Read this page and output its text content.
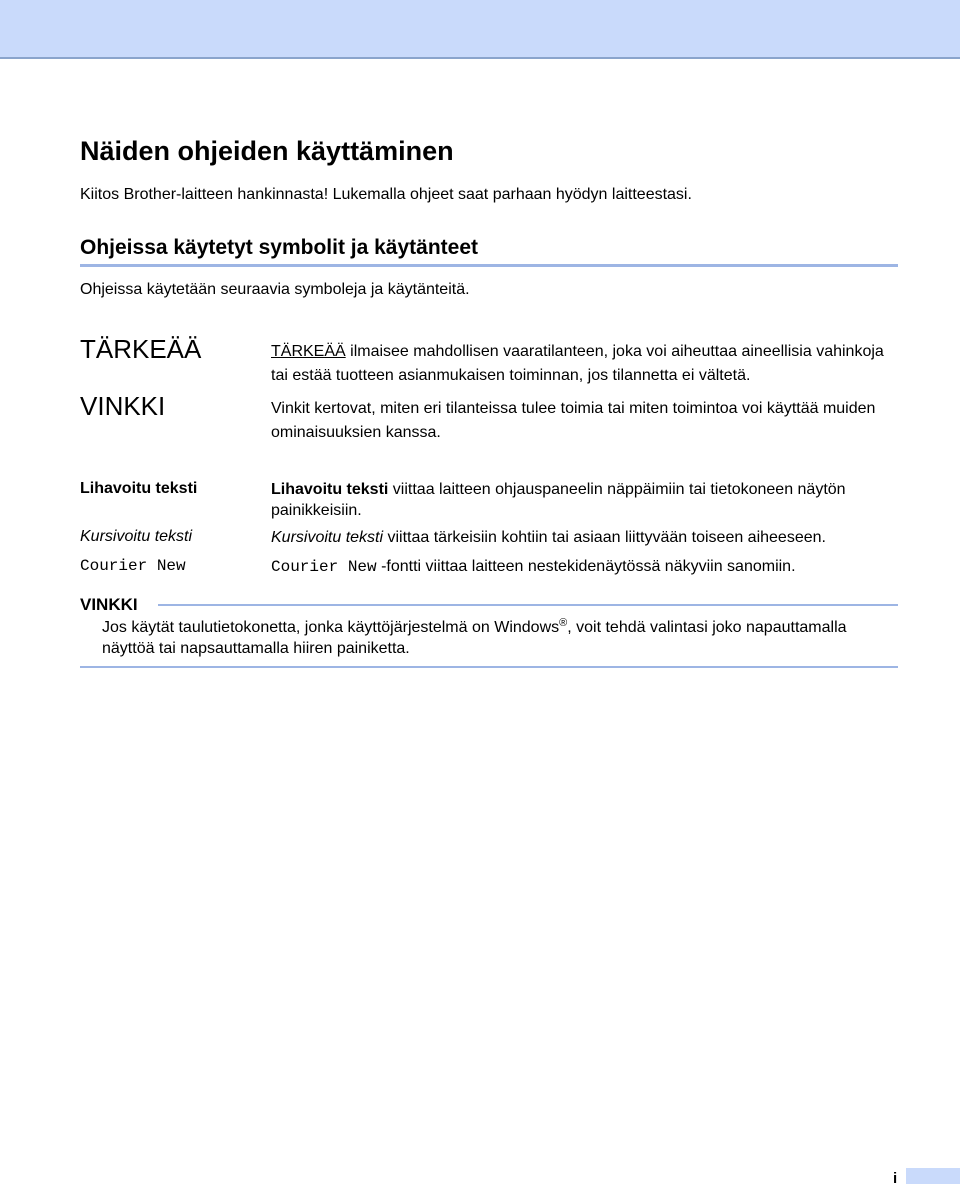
Näiden ohjeiden käyttäminen
Kiitos Brother-laitteen hankinnasta! Lukemalla ohjeet saat parhaan hyödyn laitteestasi.
Ohjeissa käytetyt symbolit ja käytänteet
Ohjeissa käytetään seuraavia symboleja ja käytänteitä.
TÄRKEÄÄ	TÄRKEÄÄ ilmaisee mahdollisen vaaratilanteen, joka voi aiheuttaa aineellisia vahinkoja tai estää tuotteen asianmukaisen toiminnan, jos tilannetta ei vältetä.
VINKKI	Vinkit kertovat, miten eri tilanteissa tulee toimia tai miten toimintoa voi käyttää muiden ominaisuuksien kanssa.
Lihavoitu teksti	Lihavoitu teksti viittaa laitteen ohjauspaneelin näppäimiin tai tietokoneen näytön painikkeisiin.
Kursivoitu teksti	Kursivoitu teksti viittaa tärkeisiin kohtiin tai asiaan liittyvään toiseen aiheeseen.
Courier New	Courier New -fontti viittaa laitteen nestekidenäytössä näkyviin sanomiin.
VINKKI
Jos käytät taulutietokonetta, jonka käyttöjärjestelmä on Windows®, voit tehdä valintasi joko napauttamalla näyttöä tai napsauttamalla hiiren painiketta.
i
